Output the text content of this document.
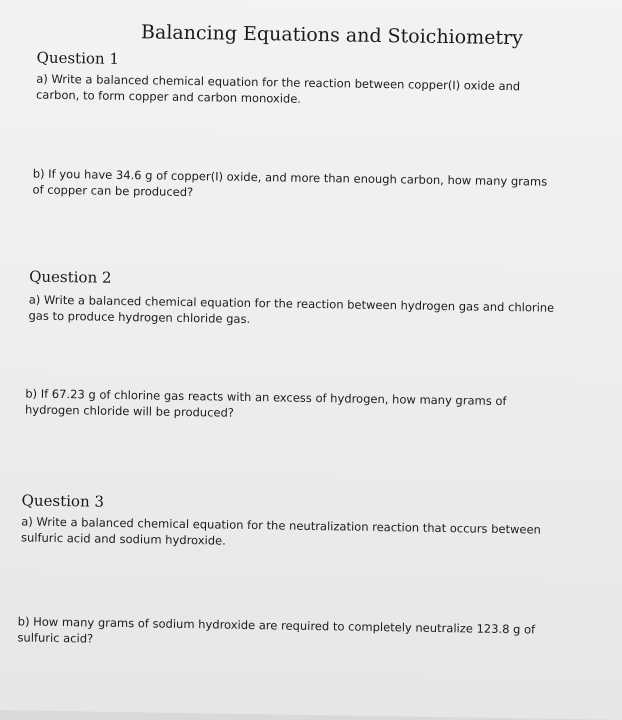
Balancing Equations and Stoichiometry
Question 1
a) Write a balanced chemical equation for the reaction between copper(I) oxide and carbon, to form copper and carbon monoxide.
b) If you have 34.6 g of copper(I) oxide, and more than enough carbon, how many grams of copper can be produced?
Question 2
a) Write a balanced chemical equation for the reaction between hydrogen gas and chlorine gas to produce hydrogen chloride gas.
b) If 67.23 g of chlorine gas reacts with an excess of hydrogen, how many grams of hydrogen chloride will be produced?
Question 3
a) Write a balanced chemical equation for the neutralization reaction that occurs between sulfuric acid and sodium hydroxide.
b) How many grams of sodium hydroxide are required to completely neutralize 123.8 g of sulfuric acid?
